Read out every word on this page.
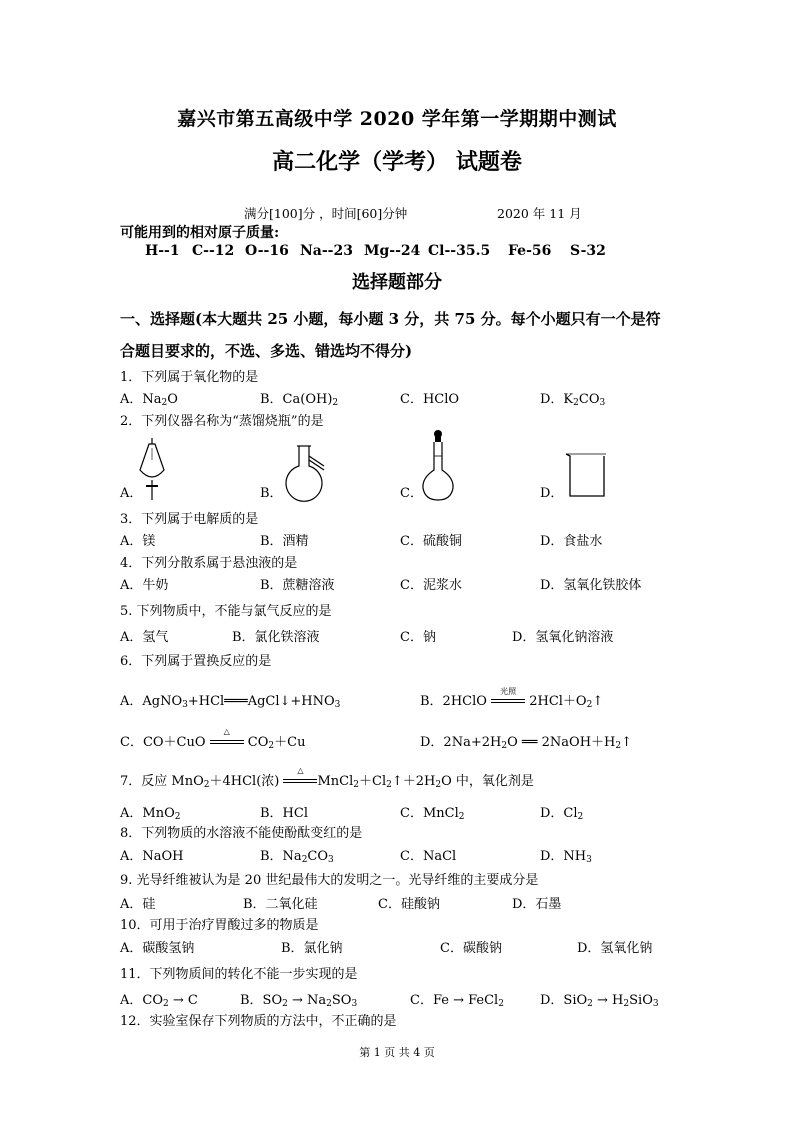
嘉兴市第五高级中学 2020 学年第一学期期中测试
高二化学（学考） 试题卷
满分[100]分 ，时间[60]分钟	2020 年 11 月
可能用到的相对原子质量:
H--1 C--12 O--16 Na--23 Mg--24 Cl--35.5 Fe-56 S-32
选择题部分
一、选择题(本大题共 25 小题，每小题 3 分，共 75 分。每个小题只有一个是符
合题目要求的，不选、多选、错选均不得分)
1．下列属于氧化物的是
A．$Na_2O$	B．$Ca(OH)_2$	C．HClO	D．$K_2CO_3$
2．下列仪器名称为“蒸馏烧瓶”的是
A．	B．	C．	D．
3．下列属于电解质的是
A．镁	B．酒精	C．硫酸铜	D．食盐水
4．下列分散系属于悬浊液的是
A．牛奶	B．蔗糖溶液	C．泥浆水	D．氢氧化铁胶体
5. 下列物质中，不能与氯气反应的是
A．氢气	B．氯化铁溶液	C．钠	D．氢氧化钠溶液
6．下列属于置换反应的是
A．$AgNO_3+HCl═══AgCl↓+HNO_3$	B．2HClO
光照
$2HCl+O_2↑$
C．CO＋CuO
△
$CO_2+Cu$	D．$2Na+2H_2O$ ══ $2NaOH+H_2↑$
7．反应 MnO$_2$＋4HCl(浓)
△
$MnCl_2+Cl_2↑+2H_2O$ 中，氧化剂是
A．MnO$_2$	B．HCl	C．MnCl$_2$	D．$Cl_2$
8．下列物质的水溶液不能使酚酞变红的是
A．NaOH	B．$Na_2CO_3$	C．NaCl	D．$NH_3$
9. 光导纤维被认为是 20 世纪最伟大的发明之一。光导纤维的主要成分是
A．硅	B．二氧化硅	C．硅酸钠	D．石墨
10．可用于治疗胃酸过多的物质是
A．碳酸氢钠	B．氯化钠	C．碳酸钠	D．氢氧化钠
11．下列物质间的转化不能一步实现的是
A．$CO_2 \to C$	B．$SO_2 \to Na_2SO_3$	C．Fe → FeCl$_2$	D．$SiO_2 \to H_2SiO_3$
12．实验室保存下列物质的方法中，不正确的是
第 1 页 共 4 页
